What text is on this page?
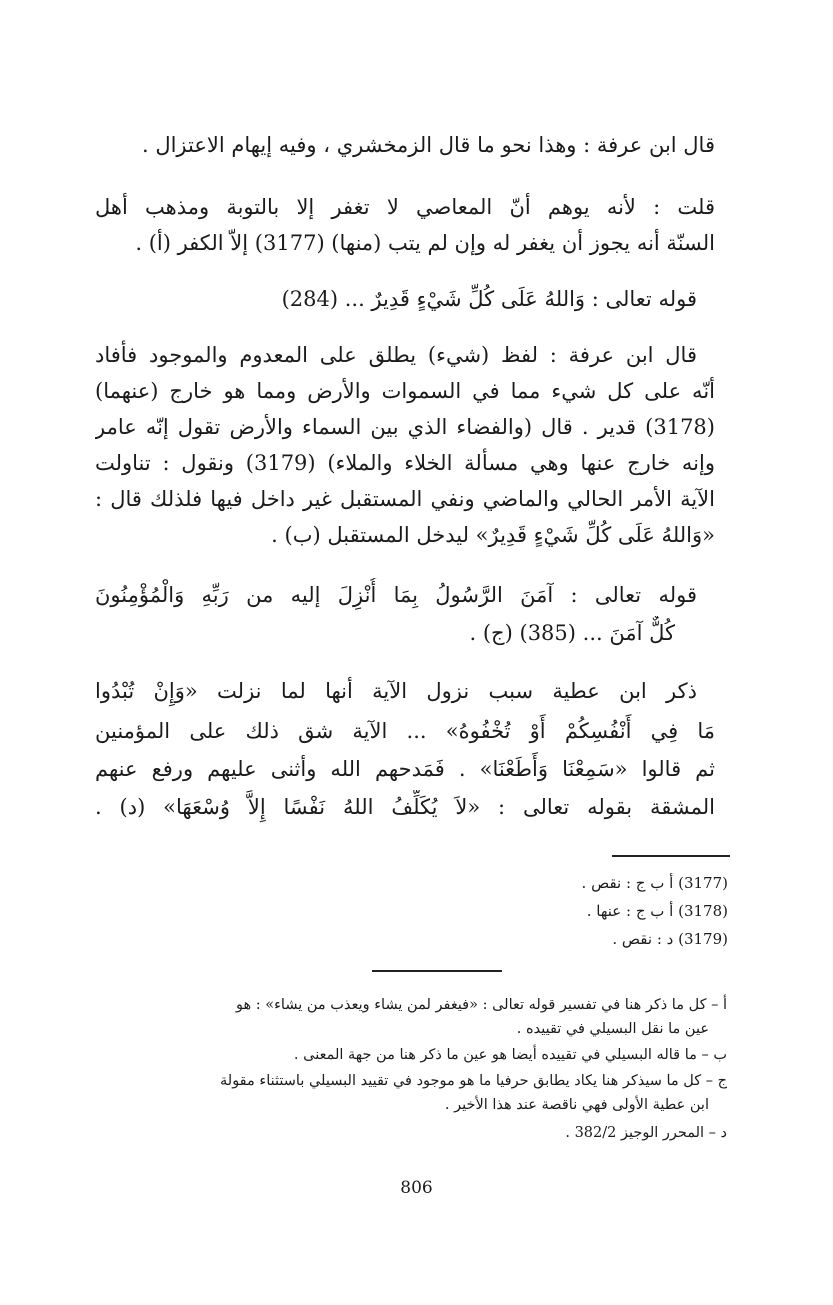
قال ابن عرفة : وهذا نحو ما قال الزمخشري ، وفيه إيهام الاعتزال .
قلت : لأنه يوهم أنّ المعاصي لا تغفر إلا بالتوبة ومذهب أهل
السنّة أنه يجوز أن يغفر له وإن لم يتب (منها) (3177) إلاّ الكفر (أ) .
قوله تعالى : وَاللهُ عَلَى كُلِّ شَيْءٍ قَدِيرٌ ... (284)
قال ابن عرفة : لفظ (شيء) يطلق على المعدوم والموجود فأفاد
أنّه على كل شيء مما في السموات والأرض ومما هو خارج (عنهما)
(3178) قدير . قال (والفضاء الذي بين السماء والأرض تقول إنّه عامر
وإنه خارج عنها وهي مسألة الخلاء والملاء) (3179) ونقول : تناولت
الآية الأمر الحالي والماضي ونفي المستقبل غير داخل فيها فلذلك قال :
«وَاللهُ عَلَى كُلِّ شَيْءٍ قَدِيرٌ» ليدخل المستقبل (ب) .
قوله تعالى : آمَنَ الرَّسُولُ بِمَا أُنْزِلَ إليه من رَبِّهِ وَالْمُؤْمِنُونَ
كُلٌّ آمَنَ ... (385) (ج) .
ذكر ابن عطية سبب نزول الآية أنها لما نزلت «وَإِنْ تُبْدُوا
مَا فِي أَنْفُسِكُمْ أَوْ تُخْفُوهُ» ... الآية شق ذلك على المؤمنين
ثم قالوا «سَمِعْنَا وَأَطَعْنَا» . فَمَدحهم الله وأثنى عليهم ورفع عنهم
المشقة بقوله تعالى : «لاَ يُكَلِّفُ اللهُ نَفْسًا إِلاَّ وُسْعَهَا» (د) .
(3177) أ ب ج : نقص .
(3178) أ ب ج : عنها .
(3179) د : نقص .
أ – كل ما ذكر هنا في تفسير قوله تعالى : «فيغفر لمن يشاء ويعذب من يشاء» : هو
عين ما نقل البسيلي في تقييده .
ب – ما قاله البسيلي في تقييده أيضا هو عين ما ذكر هنا من جهة المعنى .
ج – كل ما سيذكر هنا يكاد يطابق حرفيا ما هو موجود في تقييد البسيلي باستثناء مقولة
ابن عطية الأولى فهي ناقصة عند هذا الأخير .
د – المحرر الوجيز 382/2 .
806
